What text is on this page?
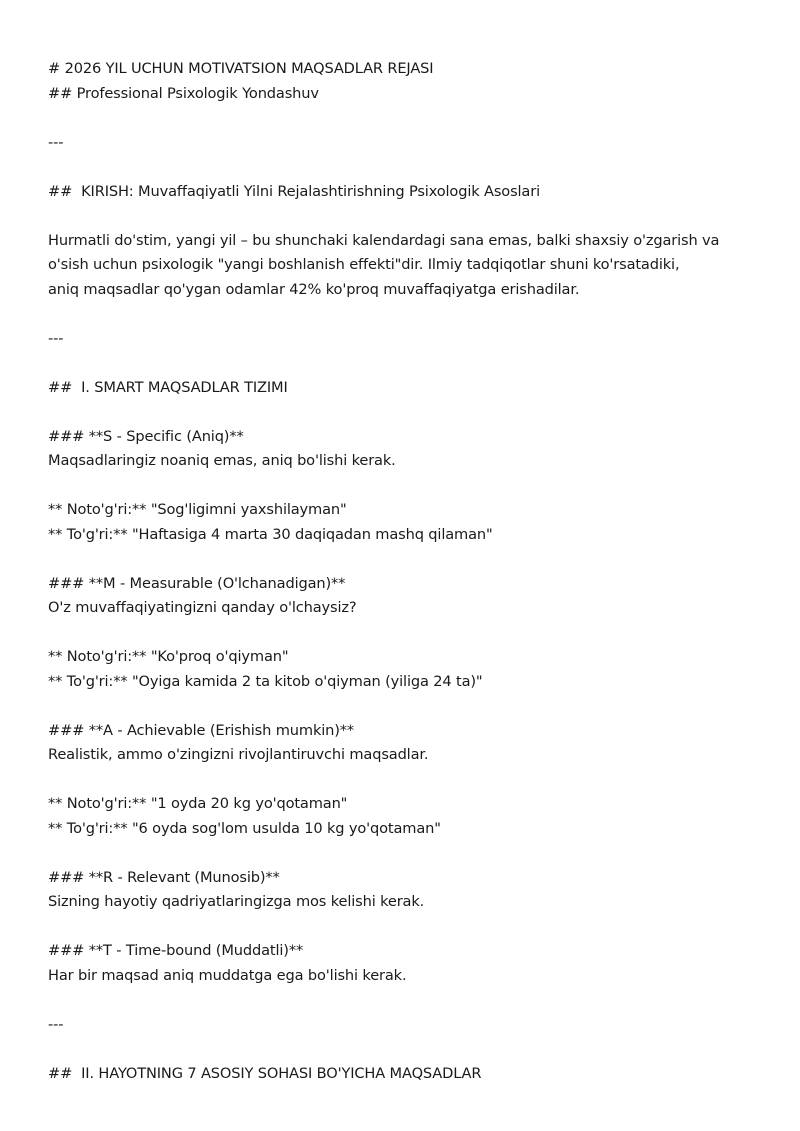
# 2026 YIL UCHUN MOTIVATSION MAQSADLAR REJASI

## Professional Psixologik Yondashuv

---

##  KIRISH: Muvaffaqiyatli Yilni Rejalashtirishning Psixologik Asoslari

Hurmatli do'stim, yangi yil – bu shunchaki kalendardagi sana emas, balki shaxsiy o'zgarish va

o'sish uchun psixologik "yangi boshlanish effekti"dir. Ilmiy tadqiqotlar shuni ko'rsatadiki,

aniq maqsadlar qo'ygan odamlar 42% ko'proq muvaffaqiyatga erishadilar.

---

##  I. SMART MAQSADLAR TIZIMI

### **S - Specific (Aniq)**

Maqsadlaringiz noaniq emas, aniq bo'lishi kerak.

** Noto'g'ri:** "Sog'ligimni yaxshilayman"

** To'g'ri:** "Haftasiga 4 marta 30 daqiqadan mashq qilaman"

### **M - Measurable (O'lchanadigan)**

O'z muvaffaqiyatingizni qanday o'lchaysiz?

** Noto'g'ri:** "Ko'proq o'qiyman"

** To'g'ri:** "Oyiga kamida 2 ta kitob o'qiyman (yiliga 24 ta)"

### **A - Achievable (Erishish mumkin)**

Realistik, ammo o'zingizni rivojlantiruvchi maqsadlar.

** Noto'g'ri:** "1 oyda 20 kg yo'qotaman"

** To'g'ri:** "6 oyda sog'lom usulda 10 kg yo'qotaman"

### **R - Relevant (Munosib)**

Sizning hayotiy qadriyatlaringizga mos kelishi kerak.

### **T - Time-bound (Muddatli)**

Har bir maqsad aniq muddatga ega bo'lishi kerak.

---

##  II. HAYOTNING 7 ASOSIY SOHASI BO'YICHA MAQSADLAR
